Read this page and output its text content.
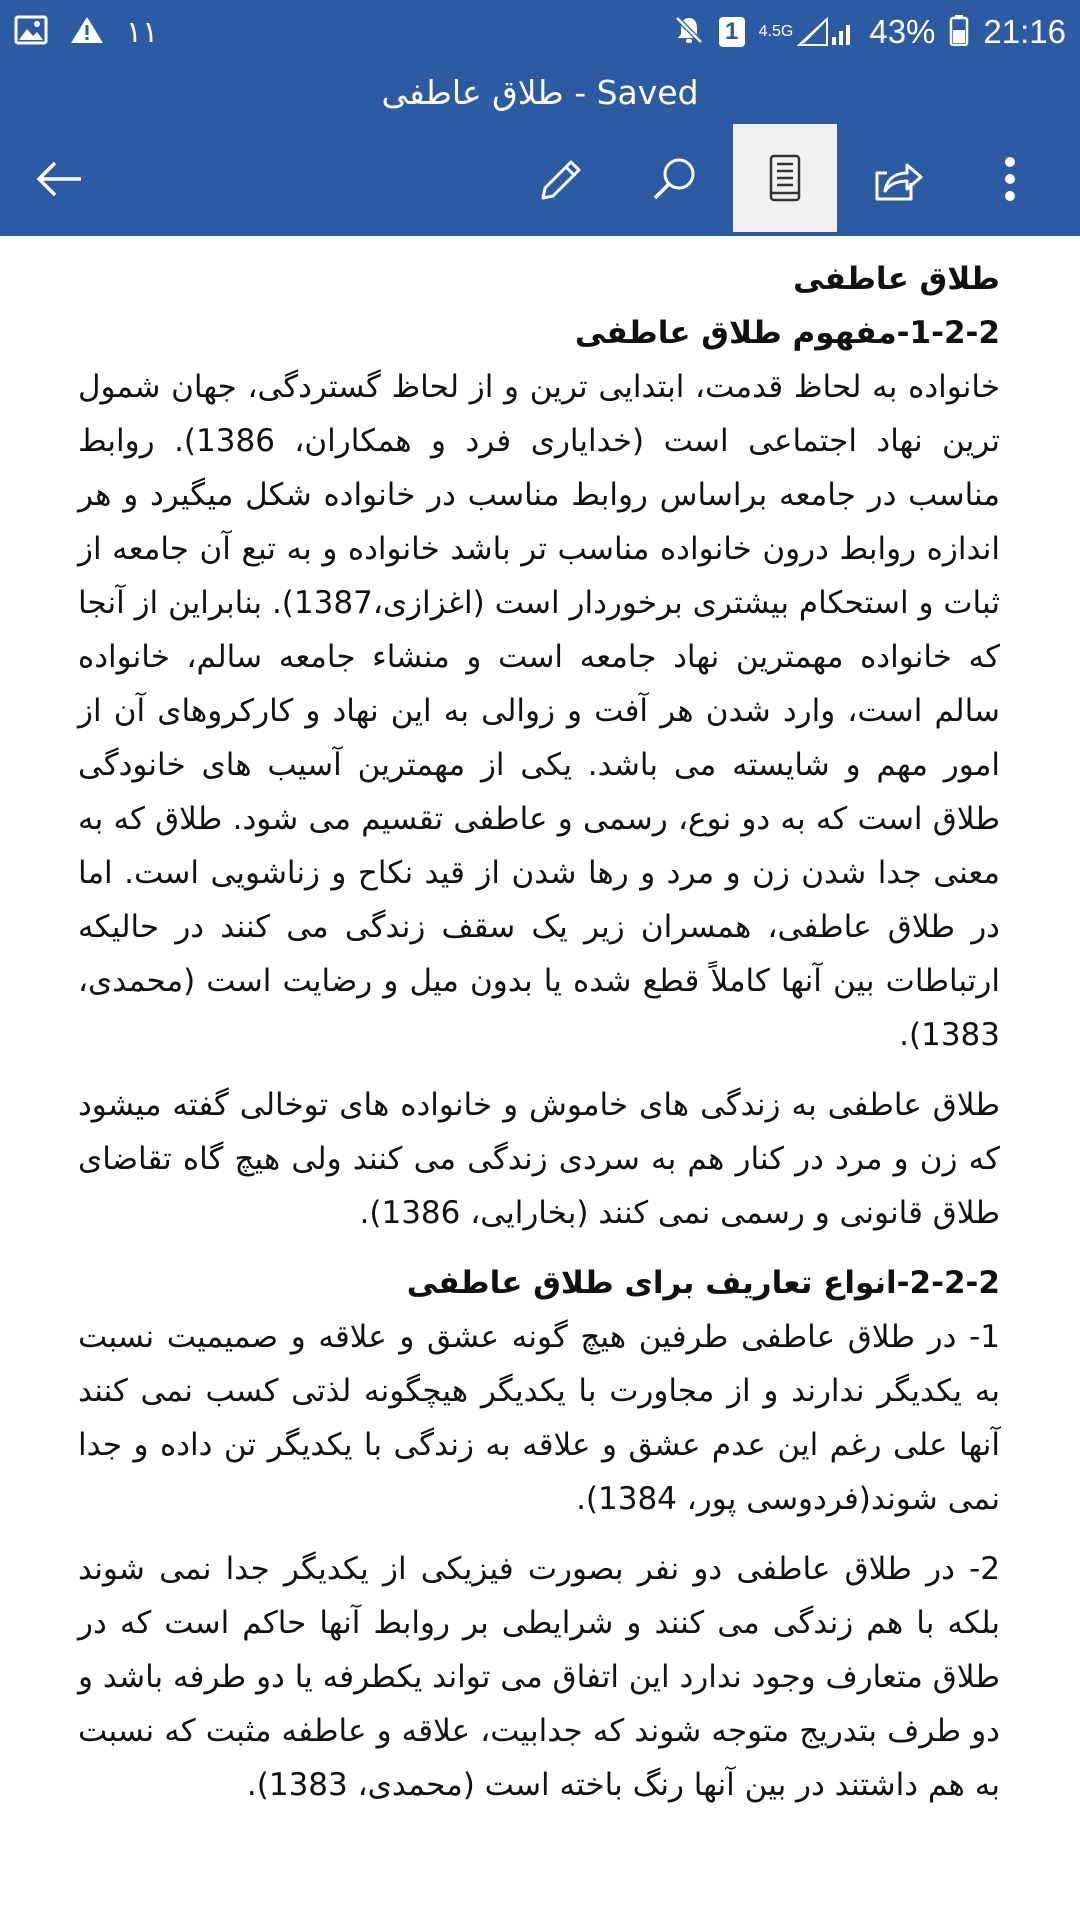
۱۱	1	4.5G 43% 21:16
طلاق عاطفی - Saved

طلاق عاطفی

1-2-2-مفهوم طلاق عاطفی

خانواده به لحاظ قدمت، ابتدایی ترین و از لحاظ گستردگی، جهان شمول ترین نهاد اجتماعی است (خدایاری فرد و همکاران، 1386). روابط مناسب در جامعه براساس روابط مناسب در خانواده شکل میگیرد و هر اندازه روابط درون خانواده مناسب تر باشد خانواده و به تبع آن جامعه از ثبات و استحکام بیشتری برخوردار است (اغزازی،1387). بنابراین از آنجا که خانواده مهمترین نهاد جامعه است و منشاء جامعه سالم، خانواده سالم است، وارد شدن هر آفت و زوالی به این نهاد و کارکروهای آن از امور مهم و شایسته می باشد. یکی از مهمترین آسیب های خانودگی طلاق است که به دو نوع، رسمی و عاطفی تقسیم می شود. طلاق که به معنی جدا شدن زن و مرد و رها شدن از قید نکاح و زناشویی است. اما در طلاق عاطفی، همسران زیر یک سقف زندگی می کنند در حالیکه ارتباطات بین آنها کاملاً قطع شده یا بدون میل و رضایت است (محمدی، 1383).

طلاق عاطفی به زندگی های خاموش و خانواده های توخالی گفته میشود که زن و مرد در کنار هم به سردی زندگی می کنند ولی هیچ گاه تقاضای طلاق قانونی و رسمی نمی کنند (بخارایی، 1386).

2-2-2-انواع تعاریف برای طلاق عاطفی

1- در طلاق عاطفی طرفین هیچ گونه عشق و علاقه و صمیمیت نسبت به یکدیگر ندارند و از مجاورت با یکدیگر هیچگونه لذتی کسب نمی کنند آنها علی رغم این عدم عشق و علاقه به زندگی با یکدیگر تن داده و جدا نمی شوند(فردوسی پور، 1384).

2- در طلاق عاطفی دو نفر بصورت فیزیکی از یکدیگر جدا نمی شوند بلکه با هم زندگی می کنند و شرایطی بر روابط آنها حاکم است که در طلاق متعارف وجود ندارد این اتفاق می تواند یکطرفه یا دو طرفه باشد و دو طرف بتدریج متوجه شوند که جدابیت، علاقه و عاطفه مثبت که نسبت به هم داشتند در بین آنها رنگ باخته است (محمدی، 1383).
